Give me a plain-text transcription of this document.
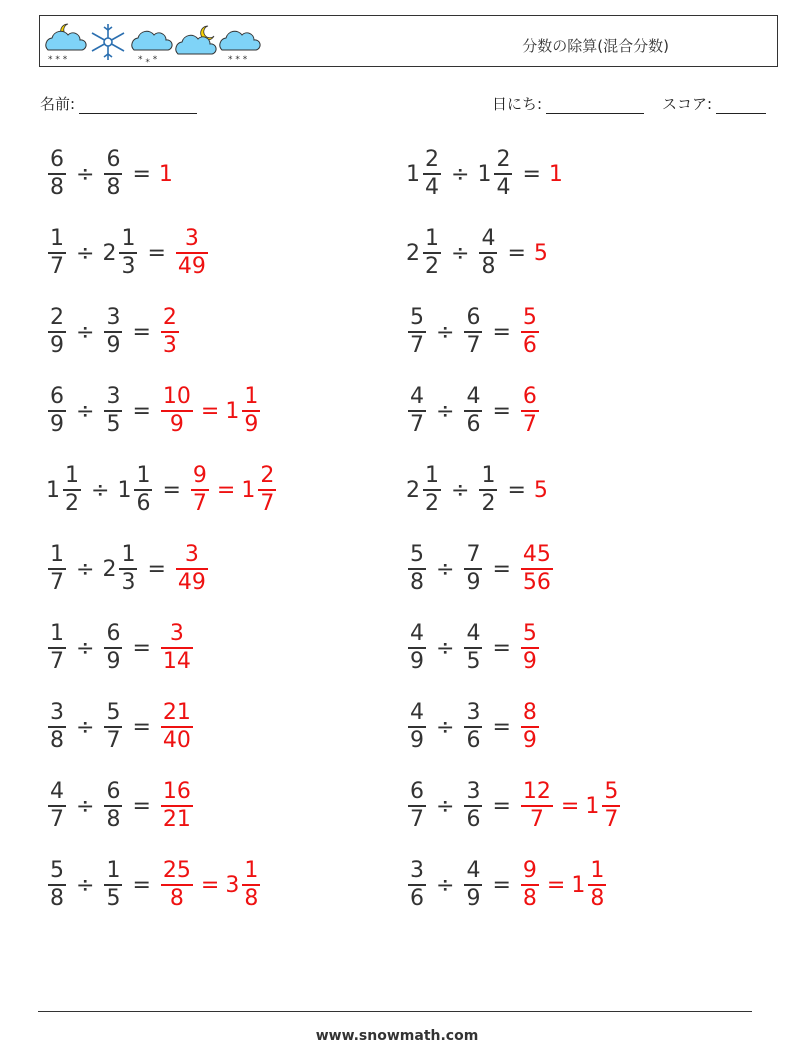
* * *	* ⁎ *	* * *
分数の除算(混合分数)
名前:	日にち:	スコア:
$\frac{6}{8} \div \frac{6}{8} = 1$	$1 \frac{2}{4} \div 1 \frac{2}{4} = 1$
$\frac{1}{7} \div 2 \frac{1}{3} = \frac{3}{49}$	$2 \frac{1}{2} \div \frac{4}{8} = 5$
$\frac{2}{9} \div \frac{3}{9} = \frac{2}{3}$	$\frac{5}{7} \div \frac{6}{7} = \frac{5}{6}$
$\frac{6}{9} \div \frac{3}{5} = \frac{10}{9} = 1 \frac{1}{9}$	$\frac{4}{7} \div \frac{4}{6} = \frac{6}{7}$
$1 \frac{1}{2} \div 1 \frac{1}{6} = \frac{9}{7} = 1 \frac{2}{7}$	$2 \frac{1}{2} \div \frac{1}{2} = 5$
$\frac{1}{7} \div 2 \frac{1}{3} = \frac{3}{49}$	$\frac{5}{8} \div \frac{7}{9} = \frac{45}{56}$
$\frac{1}{7} \div \frac{6}{9} = \frac{3}{14}$	$\frac{4}{9} \div \frac{4}{5} = \frac{5}{9}$
$\frac{3}{8} \div \frac{5}{7} = \frac{21}{40}$	$\frac{4}{9} \div \frac{3}{6} = \frac{8}{9}$
$\frac{4}{7} \div \frac{6}{8} = \frac{16}{21}$	$\frac{6}{7} \div \frac{3}{6} = \frac{12}{7} = 1 \frac{5}{7}$
$\frac{5}{8} \div \frac{1}{5} = \frac{25}{8} = 3 \frac{1}{8}$	$\frac{3}{6} \div \frac{4}{9} = \frac{9}{8} = 1 \frac{1}{8}$
www.snowmath.com
